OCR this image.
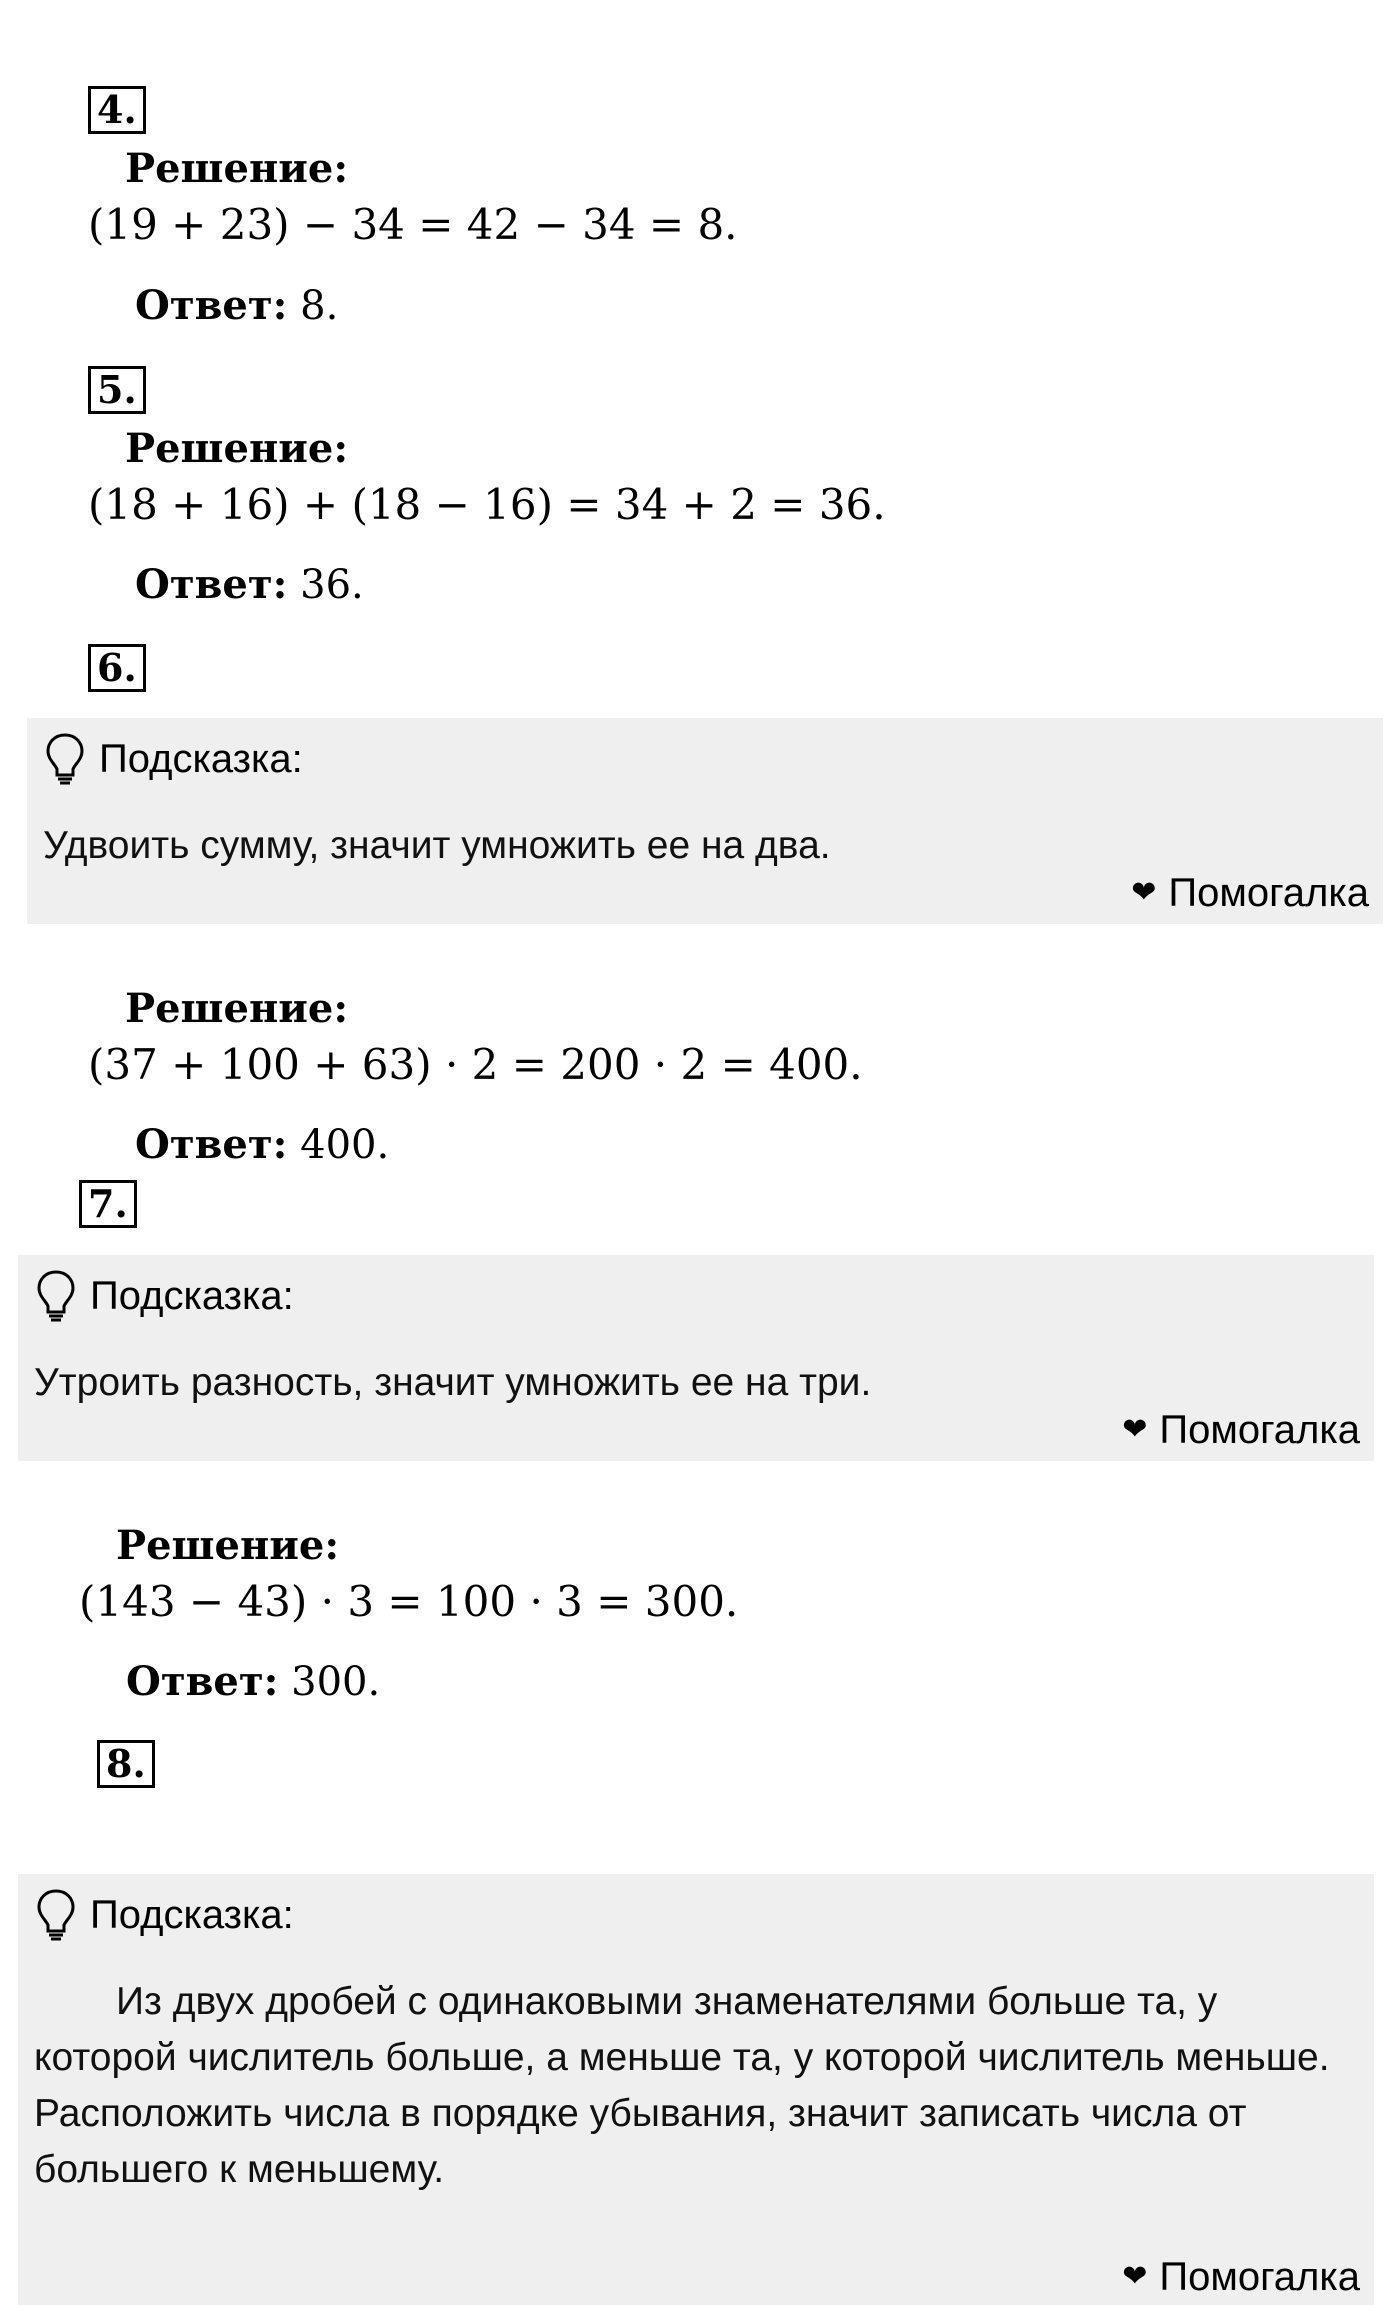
4.
Решение:
(19 + 23) − 34 = 42 − 34 = 8.
Ответ: 8.
5.
Решение:
(18 + 16) + (18 − 16) = 34 + 2 = 36.
Ответ: 36.
6.
Подсказка:
Удвоить сумму, значит умножить ее на два.
❤ Помогалка
Решение:
(37 + 100 + 63) · 2 = 200 · 2 = 400.
Ответ: 400.
7.
Подсказка:
Утроить разность, значит умножить ее на три.
❤ Помогалка
Решение:
(143 − 43) · 3 = 100 · 3 = 300.
Ответ: 300.
8.
Подсказка:

Из двух дробей с одинаковыми знаменателями больше та, у которой числитель больше, а меньше та, у которой числитель меньше.

Расположить числа в порядке убывания, значит записать числа от большего к меньшему.

❤ Помогалка
